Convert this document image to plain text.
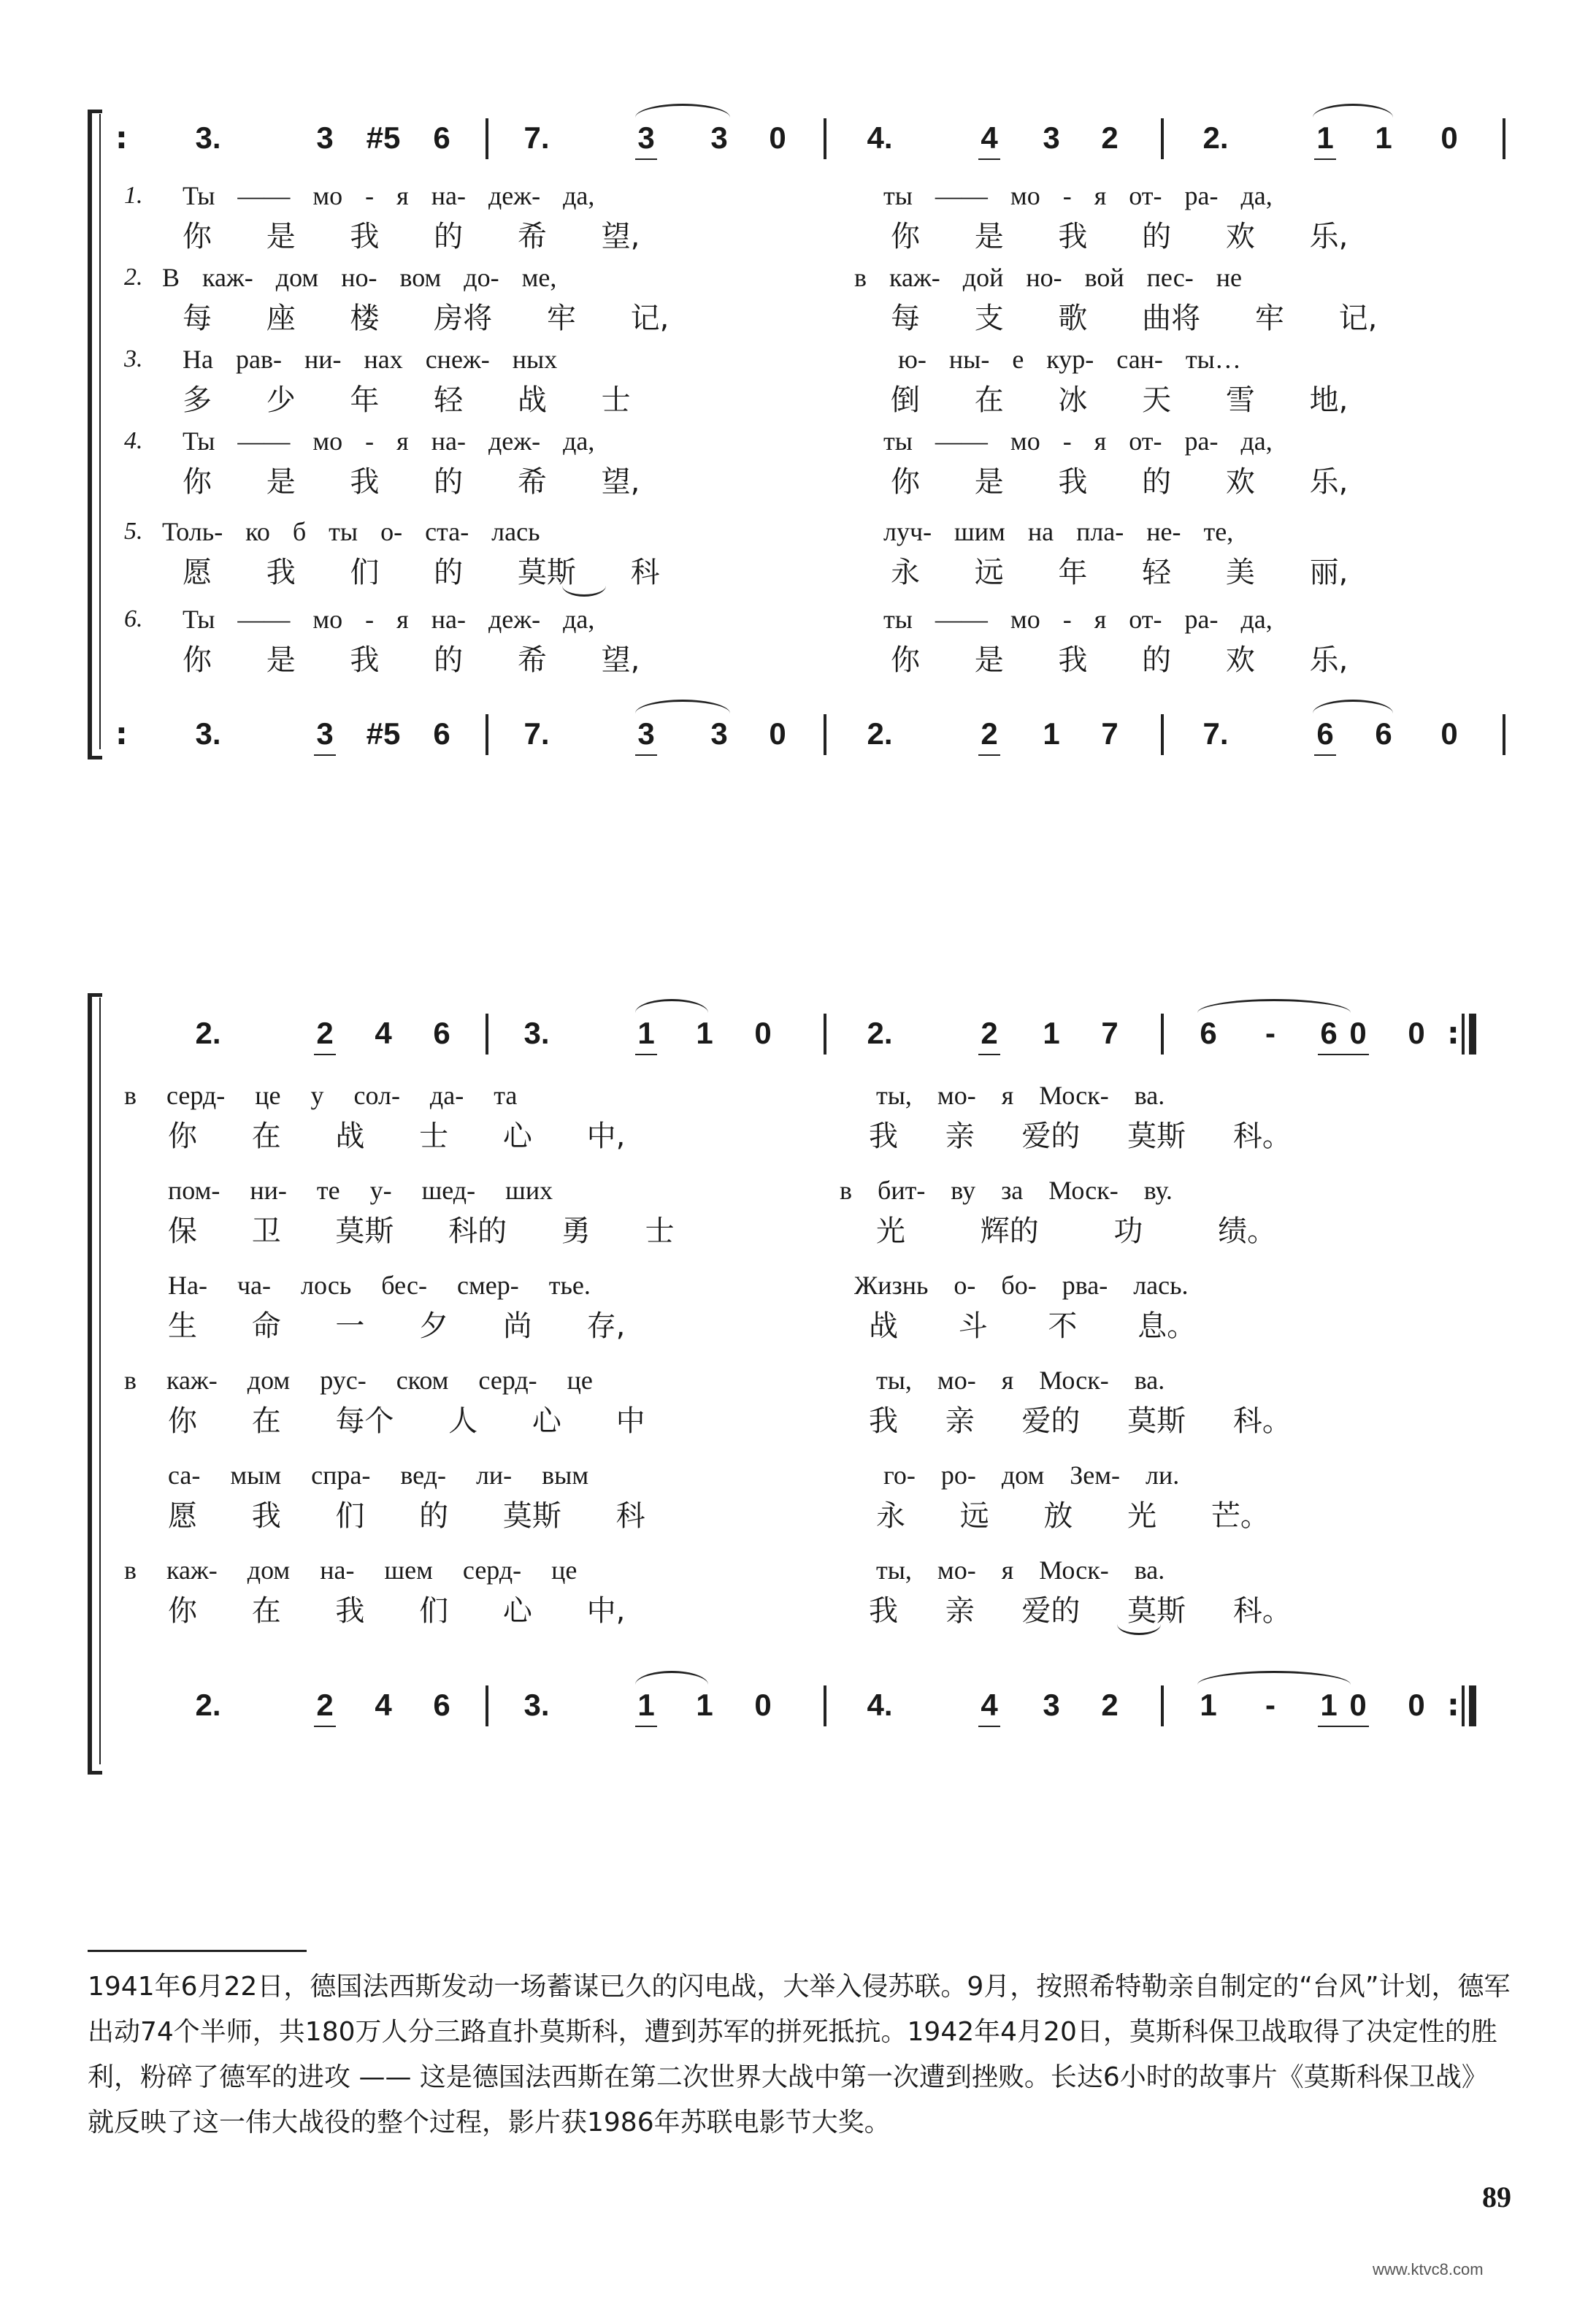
:	3.	3	#5	6	7.	3	3	0	4.	4	3	2	2.	1	1	0
1. Ты —— мо - я на- деж- да,	ты —— мо - я от- ра- да,
你 是 我 的 希 望,	你 是 我 的 欢 乐,
2. В каж- дом но- вом до- ме,	в каж- дой но- вой пес- не
每 座 楼 房将 牢 记,	每 支 歌 曲将 牢 记,
3. На рав- ни- нах снеж- ных	ю- ны- е кур- сан- ты…
多 少 年 轻 战 士	倒 在 冰 天 雪 地,
4. Ты —— мо - я на- деж- да,	ты —— мо - я от- ра- да,
你 是 我 的 希 望,	你 是 我 的 欢 乐,
5. Толь- ко б ты о- ста- лась	луч- шим на пла- не- те,
愿 我 们 的 莫斯 科	永 远 年 轻 美 丽,
6. Ты —— мо - я на- деж- да,	ты —— мо - я от- ра- да,
你 是 我 的 希 望,	你 是 我 的 欢 乐,
:	3.	3	#5	6	7.	3	3	0	2.	2	1	7	7.	6	6	0
2.	2	4	6	3.	1	1	0	2.	2	1	7	6	-	6 0	0 :
в серд- це у сол- да- та	ты, мо- я Моск- ва.
你 在 战 士 心 中,	我 亲 爱的 莫斯 科。
пом- ни- те у- шед- ших	в бит- ву за Моск- ву.
保 卫 莫斯 科的 勇 士	光 辉的 功 绩。
На- ча- лось бес- смер- тье.	Жизнь о- бо- рва- лась.
生 命 一 夕 尚 存,	战 斗 不 息。
в каж- дом рус- ском серд- це	ты, мо- я Моск- ва.
你 在 每个 人 心 中	我 亲 爱的 莫斯 科。
са- мым спра- вед- ли- вым	го- ро- дом Зем- ли.
愿 我 们 的 莫斯 科	永 远 放 光 芒。
в каж- дом на- шем серд- це	ты, мо- я Моск- ва.
你 在 我 们 心 中,	我 亲 爱的 莫斯 科。
2.	2	4	6	3.	1	1	0	4.	4	3	2	1	-	1 0	0 :
1941年6月22日，德国法西斯发动一场蓄谋已久的闪电战，大举入侵苏联。9月，按照希特勒亲自制定的“台风”计划，德军出动74个半师，共180万人分三路直扑莫斯科，遭到苏军的拼死抵抗。1942年4月20日，莫斯科保卫战取得了决定性的胜利，粉碎了德军的进攻 —— 这是德国法西斯在第二次世界大战中第一次遭到挫败。长达6小时的故事片《莫斯科保卫战》就反映了这一伟大战役的整个过程，影片获1986年苏联电影节大奖。
89
www.ktvc8.com
